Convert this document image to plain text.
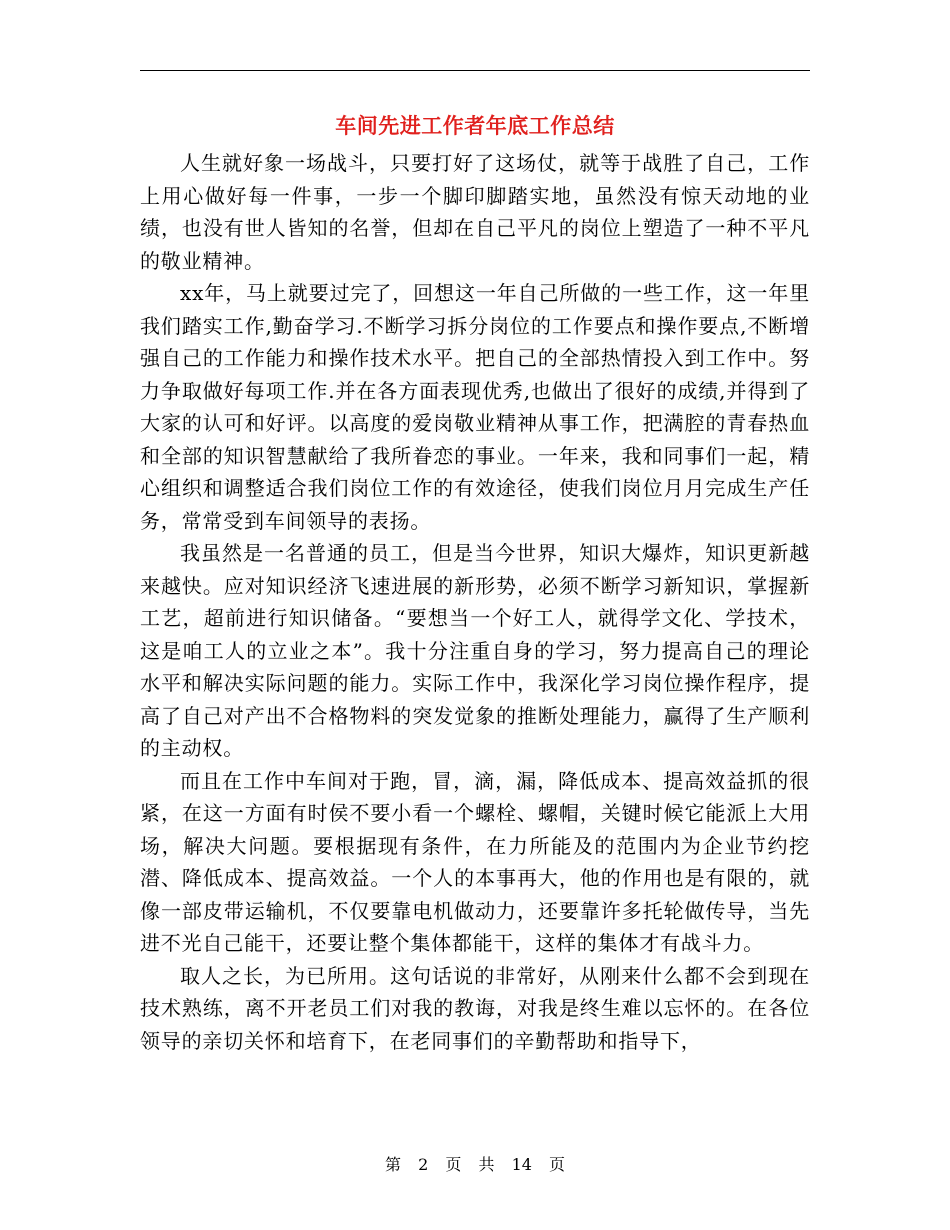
车间先进工作者年底工作总结

人生就好象一场战斗，只要打好了这场仗，就等于战胜了自己，工作上用心做好每一件事，一步一个脚印脚踏实地，虽然没有惊天动地的业绩，也没有世人皆知的名誉，但却在自己平凡的岗位上塑造了一种不平凡的敬业精神。

xx年，马上就要过完了，回想这一年自己所做的一些工作，这一年里我们踏实工作,勤奋学习.不断学习拆分岗位的工作要点和操作要点,不断增强自己的工作能力和操作技术水平。把自己的全部热情投入到工作中。努力争取做好每项工作.并在各方面表现优秀,也做出了很好的成绩,并得到了大家的认可和好评。以高度的爱岗敬业精神从事工作，把满腔的青春热血和全部的知识智慧献给了我所眷恋的事业。一年来，我和同事们一起，精心组织和调整适合我们岗位工作的有效途径，使我们岗位月月完成生产任务，常常受到车间领导的表扬。

我虽然是一名普通的员工，但是当今世界，知识大爆炸，知识更新越来越快。应对知识经济飞速进展的新形势，必须不断学习新知识，掌握新工艺，超前进行知识储备。“要想当一个好工人，就得学文化、学技术，这是咱工人的立业之本”。我十分注重自身的学习，努力提高自己的理论水平和解决实际问题的能力。实际工作中，我深化学习岗位操作程序，提高了自己对产出不合格物料的突发觉象的推断处理能力，赢得了生产顺利的主动权。

而且在工作中车间对于跑，冒，滴，漏，降低成本、提高效益抓的很紧，在这一方面有时侯不要小看一个螺栓、螺帽，关键时候它能派上大用场，解决大问题。要根据现有条件，在力所能及的范围内为企业节约挖潜、降低成本、提高效益。一个人的本事再大，他的作用也是有限的，就像一部皮带运输机，不仅要靠电机做动力，还要靠许多托轮做传导，当先进不光自己能干，还要让整个集体都能干，这样的集体才有战斗力。

取人之长，为已所用。这句话说的非常好，从刚来什么都不会到现在技术熟练，离不开老员工们对我的教诲，对我是终生难以忘怀的。在各位领导的亲切关怀和培育下，在老同事们的辛勤帮助和指导下，

第 2 页 共 14 页
